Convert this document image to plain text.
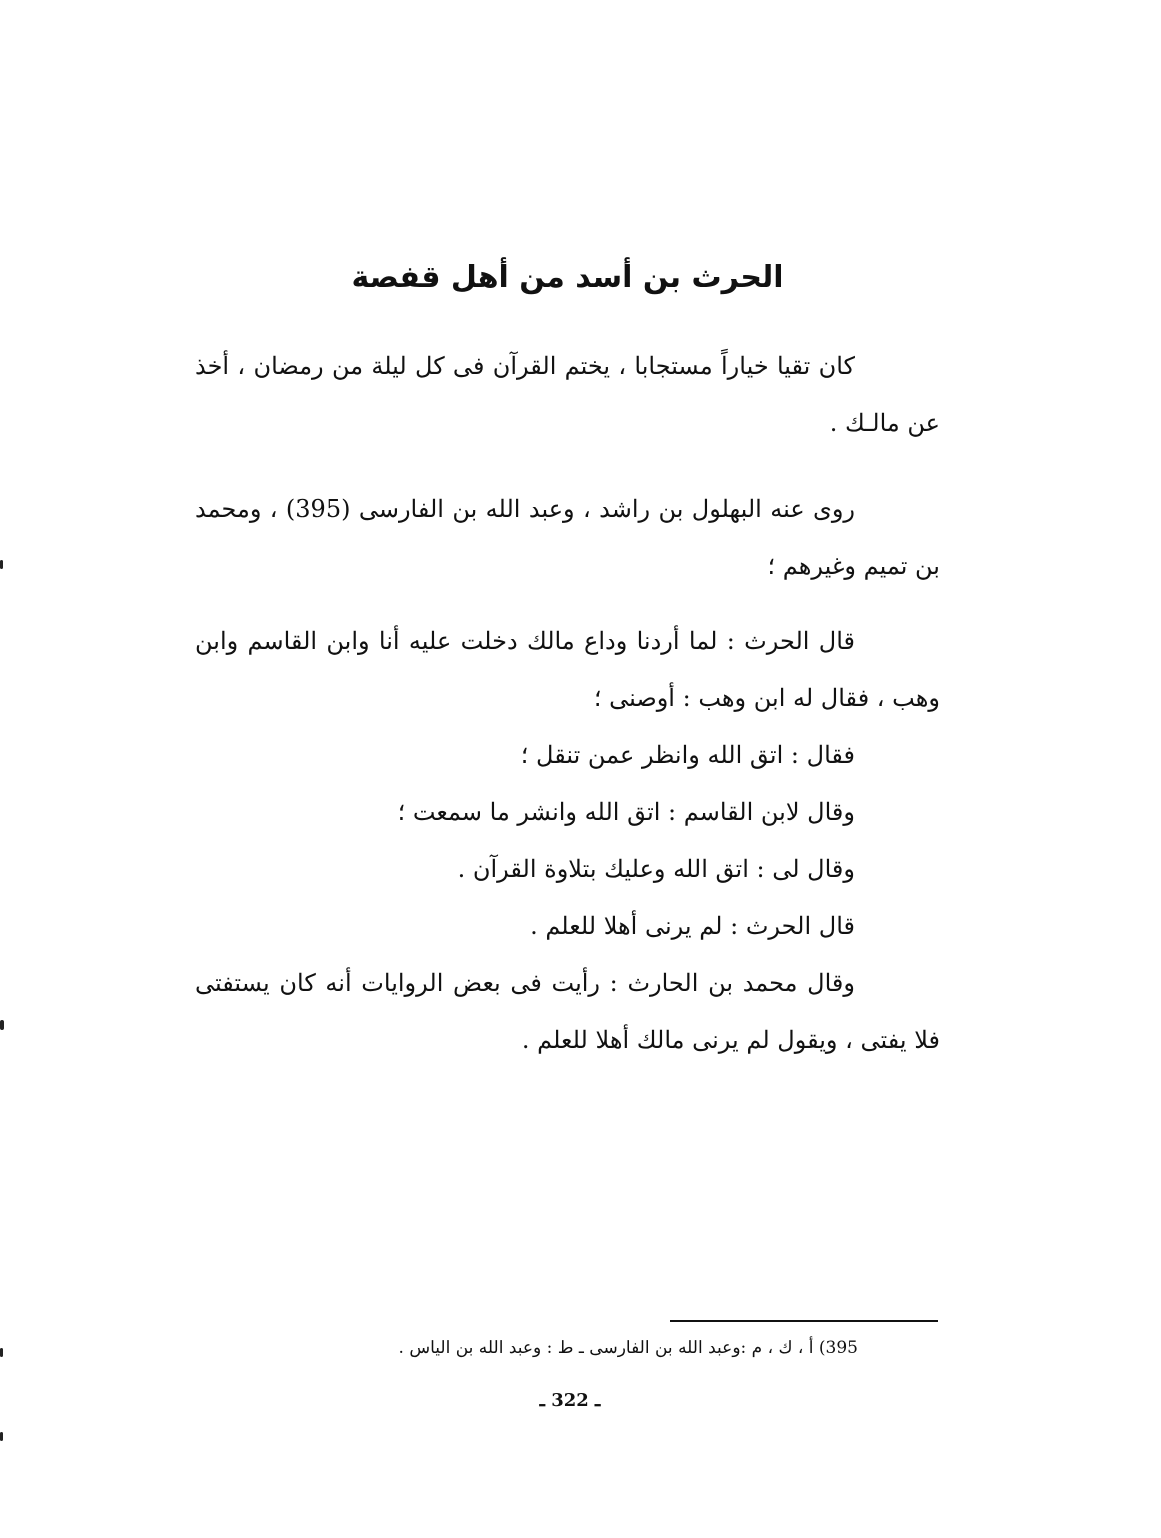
الحرث بن أسد من أهل قفصة

كان تقيا خياراً مستجابا ، يختم القرآن فى كل ليلة من رمضان ، أخذ عن مالـك .

روى عنه البهلول بن راشد ، وعبد الله بن الفارسى (395) ، ومحمد بن تميم وغيرهم ؛

قال الحرث : لما أردنا وداع مالك دخلت عليه أنا وابن القاسم وابن وهب ، فقال له ابن وهب : أوصنى ؛

فقال : اتق الله وانظر عمن تنقل ؛

وقال لابن القاسم : اتق الله وانشر ما سمعت ؛

وقال لى : اتق الله وعليك بتلاوة القرآن .

قال الحرث : لم يرنى أهلا للعلم .

وقال محمد بن الحارث : رأيت فى بعض الروايات أنه كان يستفتى فلا يفتى ، ويقول لم يرنى مالك أهلا للعلم .

395) أ ، ك ، م :وعبد الله بن الفارسى ـ ط : وعبد الله بن الياس .
ـ 322 ـ
